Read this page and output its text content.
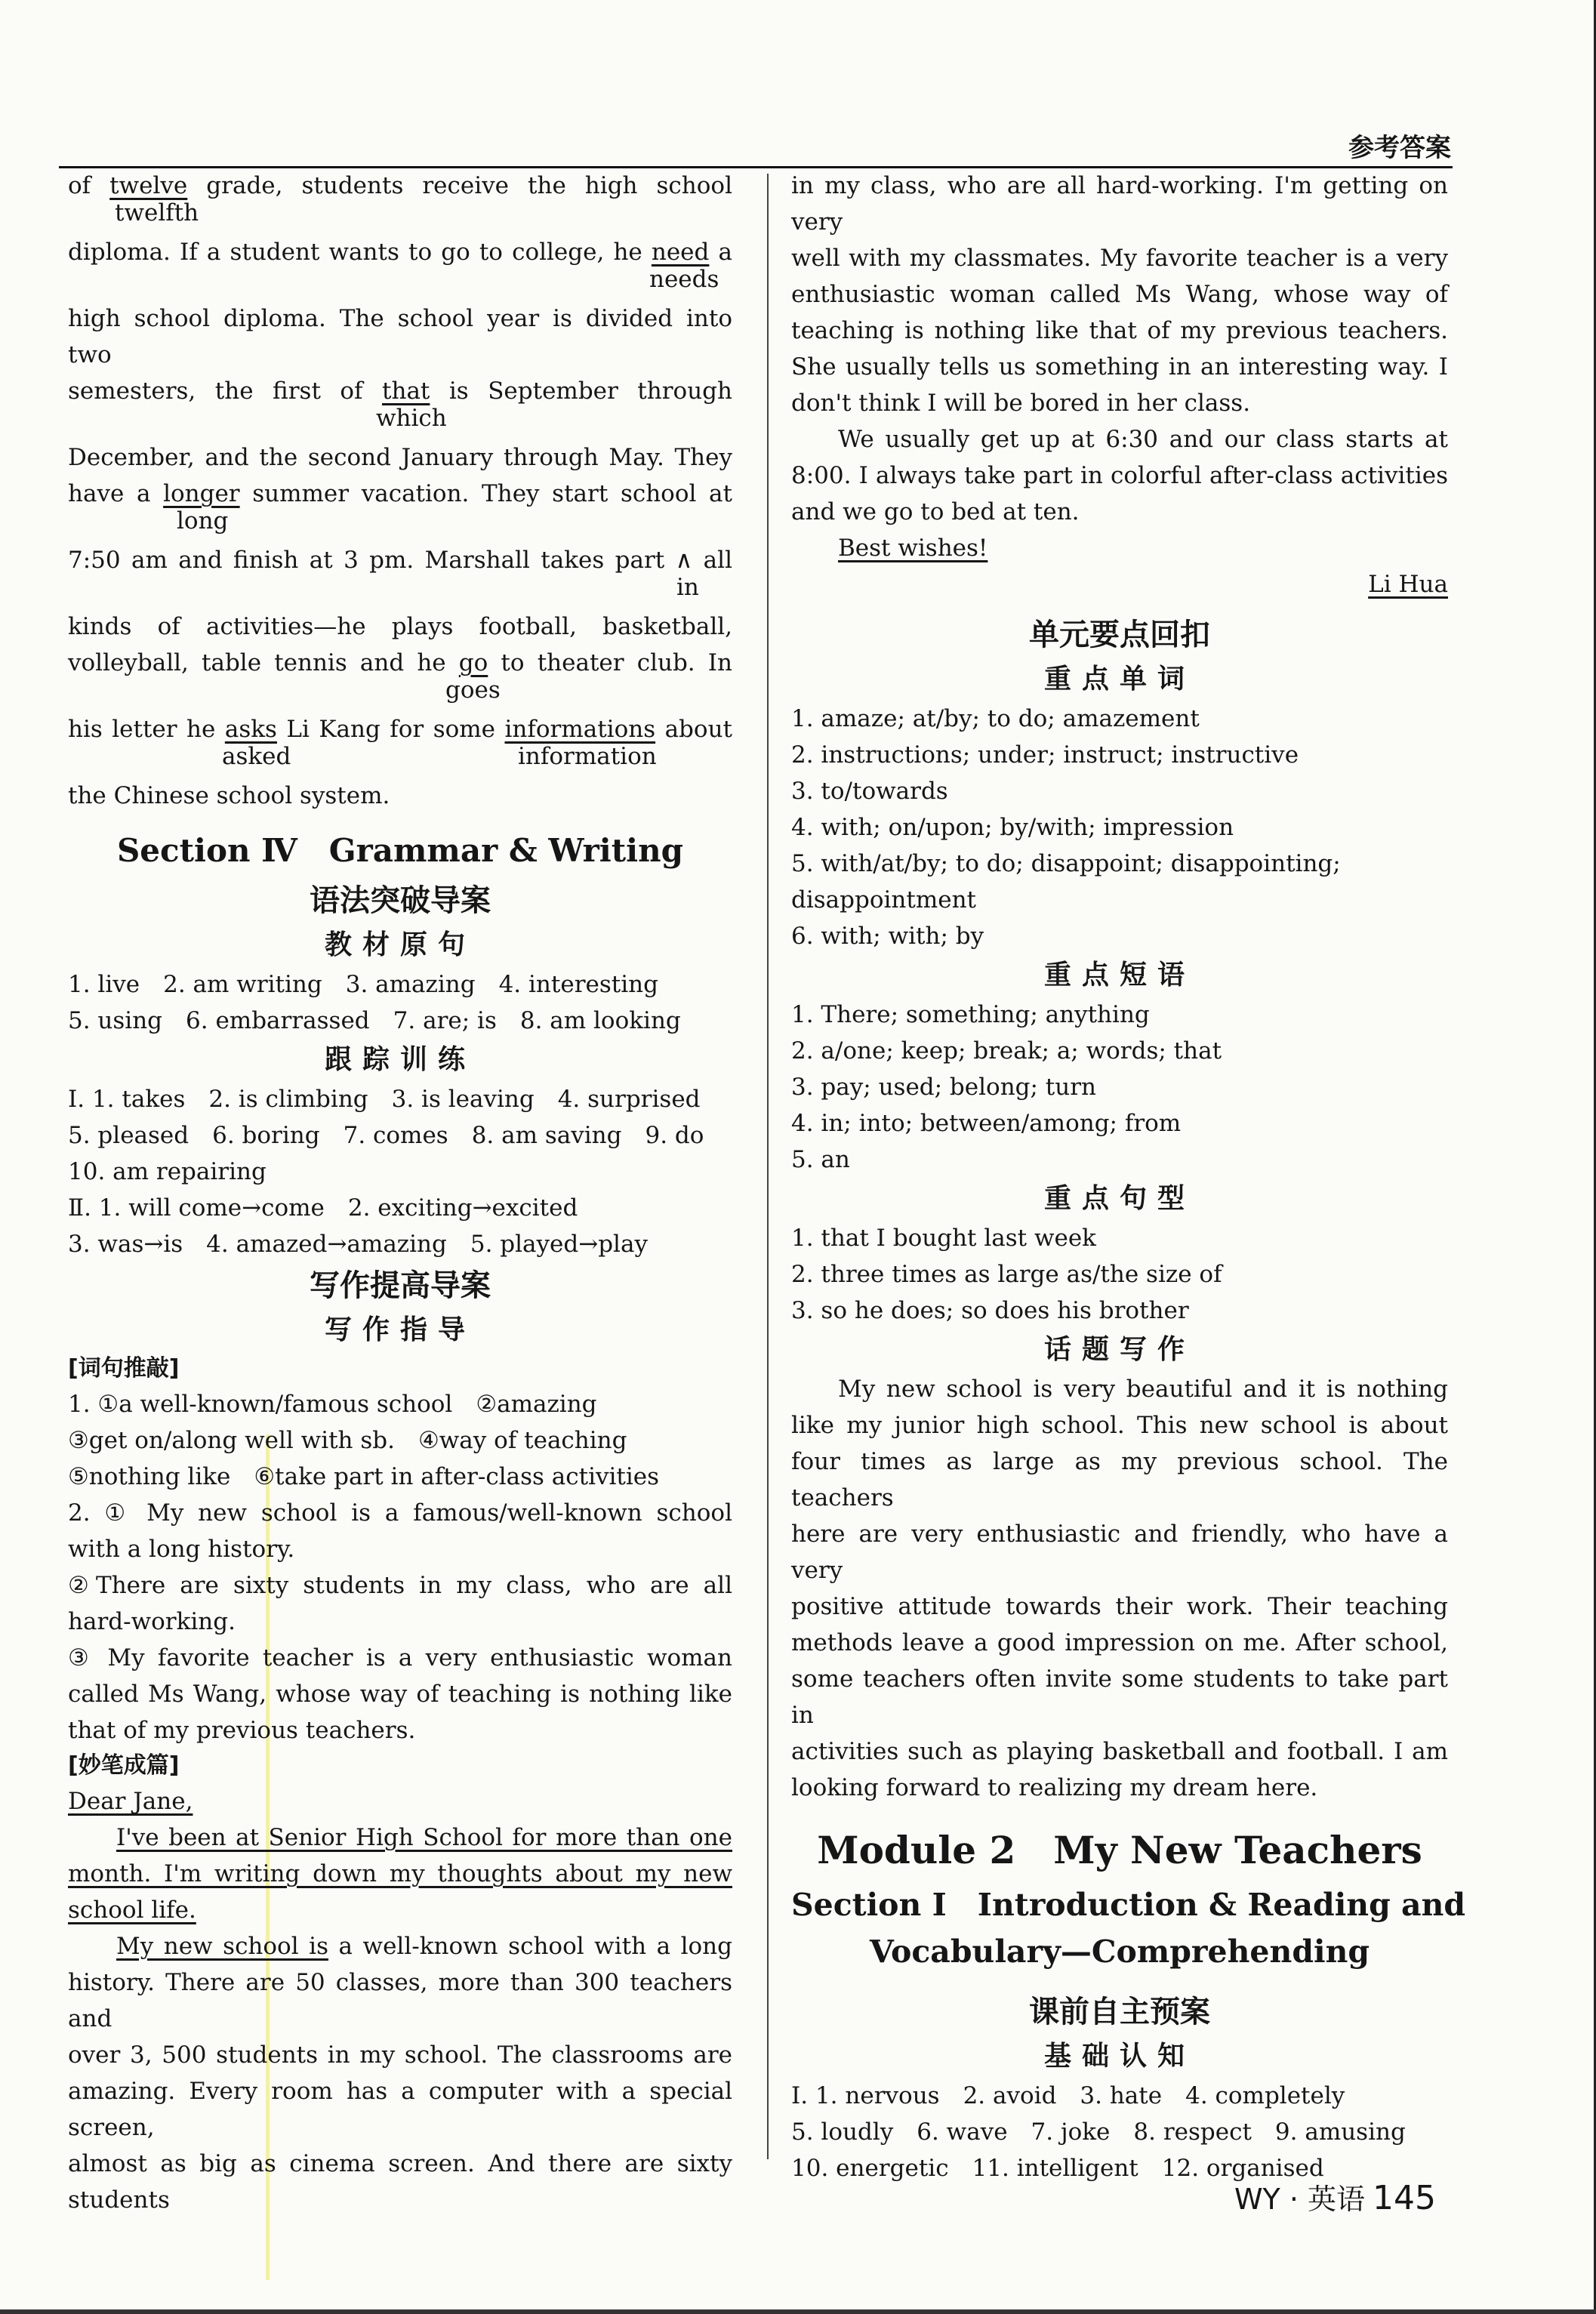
参考答案

of twelve grade, students receive the high school

twelfth

diploma. If a student wants to go to college, he need a

needs

high school diploma. The school year is divided into two

semesters, the first of that is September through

which

December, and the second January through May. They

have a longer summer vacation. They start school at

long

7:50 am and finish at 3 pm. Marshall takes part ∧ all

in

kinds of activities—he plays football, basketball,

volleyball, table tennis and he go to theater club. In

goes

his letter he asks Li Kang for some informations about

asked	information

the Chinese school system.

Section Ⅳ　Grammar & Writing
语法突破导案
教材原句

1. live　2. am writing　3. amazing　4. interesting

5. using　6. embarrassed　7. are; is　8. am looking

跟踪训练

Ⅰ. 1. takes　2. is climbing　3. is leaving　4. surprised

5. pleased　6. boring　7. comes　8. am saving　9. do

10. am repairing

Ⅱ. 1. will come→come　2. exciting→excited

3. was→is　4. amazed→amazing　5. played→play

写作提高导案
写作指导
[词句推敲]

1. ①a well-known/famous school　②amazing

③get on/along well with sb.　④way of teaching

⑤nothing like　⑥take part in after-class activities

2. ① My new school is a famous/well-known school

with a long history.

②There are sixty students in my class, who are all

hard-working.

③ My favorite teacher is a very enthusiastic woman

called Ms Wang, whose way of teaching is nothing like

that of my previous teachers.

[妙笔成篇]

Dear Jane,

I've been at Senior High School for more than one

month. I'm writing down my thoughts about my new

school life.

My new school is a well-known school with a long

history. There are 50 classes, more than 300 teachers and

over 3, 500 students in my school. The classrooms are

amazing. Every room has a computer with a special screen,

almost as big as cinema screen. And there are sixty students

in my class, who are all hard-working. I'm getting on very

well with my classmates. My favorite teacher is a very

enthusiastic woman called Ms Wang, whose way of

teaching is nothing like that of my previous teachers.

She usually tells us something in an interesting way. I

don't think I will be bored in her class.

We usually get up at 6:30 and our class starts at

8:00. I always take part in colorful after-class activities

and we go to bed at ten.

Best wishes!

Li Hua

单元要点回扣
重点单词

1. amaze; at/by; to do; amazement

2. instructions; under; instruct; instructive

3. to/towards

4. with; on/upon; by/with; impression

5. with/at/by; to do; disappoint; disappointing;

disappointment

6. with; with; by

重点短语

1. There; something; anything

2. a/one; keep; break; a; words; that

3. pay; used; belong; turn

4. in; into; between/among; from

5. an

重点句型

1. that I bought last week

2. three times as large as/the size of

3. so he does; so does his brother

话题写作

My new school is very beautiful and it is nothing

like my junior high school. This new school is about

four times as large as my previous school. The teachers

here are very enthusiastic and friendly, who have a very

positive attitude towards their work. Their teaching

methods leave a good impression on me. After school,

some teachers often invite some students to take part in

activities such as playing basketball and football. I am

looking forward to realizing my dream here.

Module 2　My New Teachers
Section Ⅰ　Introduction & Reading and
Vocabulary—Comprehending
课前自主预案
基础认知

Ⅰ. 1. nervous　2. avoid　3. hate　4. completely

5. loudly　6. wave　7. joke　8. respect　9. amusing

10. energetic　11. intelligent　12. organised

WY · 英语 145
